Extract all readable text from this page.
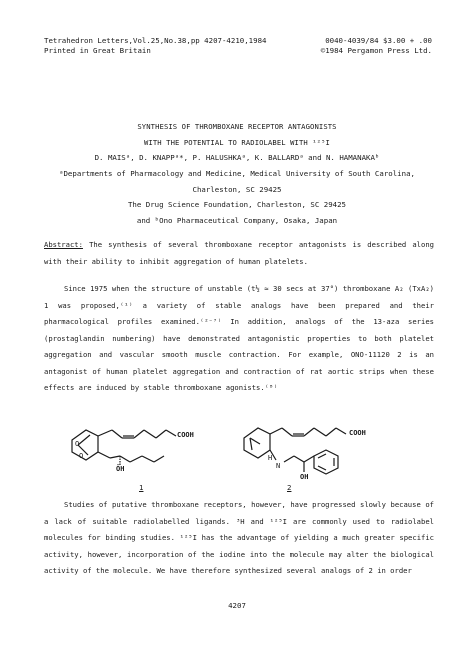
Tetrahedron Letters,Vol.25,No.38,pp 4207-4210,1984
Printed in Great Britain
0040-4039/84 $3.00 + .00
©1984 Pergamon Press Ltd.
SYNTHESIS OF THROMBOXANE RECEPTOR ANTAGONISTS
WITH THE POTENTIAL TO RADIOLABEL WITH ¹²⁵I
D. MAISᵃ, D. KNAPPᵃ*, P. HALUSHKAᵃ, K. BALLARDᵃ and N. HAMANAKAᵇ
ᵃDepartments of Pharmacology and Medicine, Medical University of South Carolina,
Charleston, SC 29425
The Drug Science Foundation, Charleston, SC 29425
and ᵇOno Pharmaceutical Company, Osaka, Japan
Abstract: The synthesis of several thromboxane receptor antagonists is described along with their ability to inhibit aggregation of human platelets.
Since 1975 when the structure of unstable (t½ ≃ 30 secs at 37°) thromboxane A₂ (TxA₂) 1 was proposed,⁽¹⁾ a variety of stable analogs have been prepared and their pharmacological profiles examined.⁽²⁻⁷⁾ In addition, analogs of the 13-aza series (prostaglandin numbering) have demonstrated antagonistic properties to both platelet aggregation and vascular smooth muscle contraction. For example, ONO-11120 2 is an antagonist of human platelet aggregation and contraction of rat aortic strips when these effects are induced by stable thromboxane agonists.⁽⁸⁾
O
O
COOH
ŌH
1
COOH
H
N
OH
2
Studies of putative thromboxane receptors, however, have progressed slowly because of a lack of suitable radiolabelled ligands. ³H and ¹²⁵I are commonly used to radiolabel molecules for binding studies. ¹²⁵I has the advantage of yielding a much greater specific activity, however, incorporation of the iodine into the molecule may alter the biological activity of the molecule. We have therefore synthesized several analogs of 2 in order
4207
